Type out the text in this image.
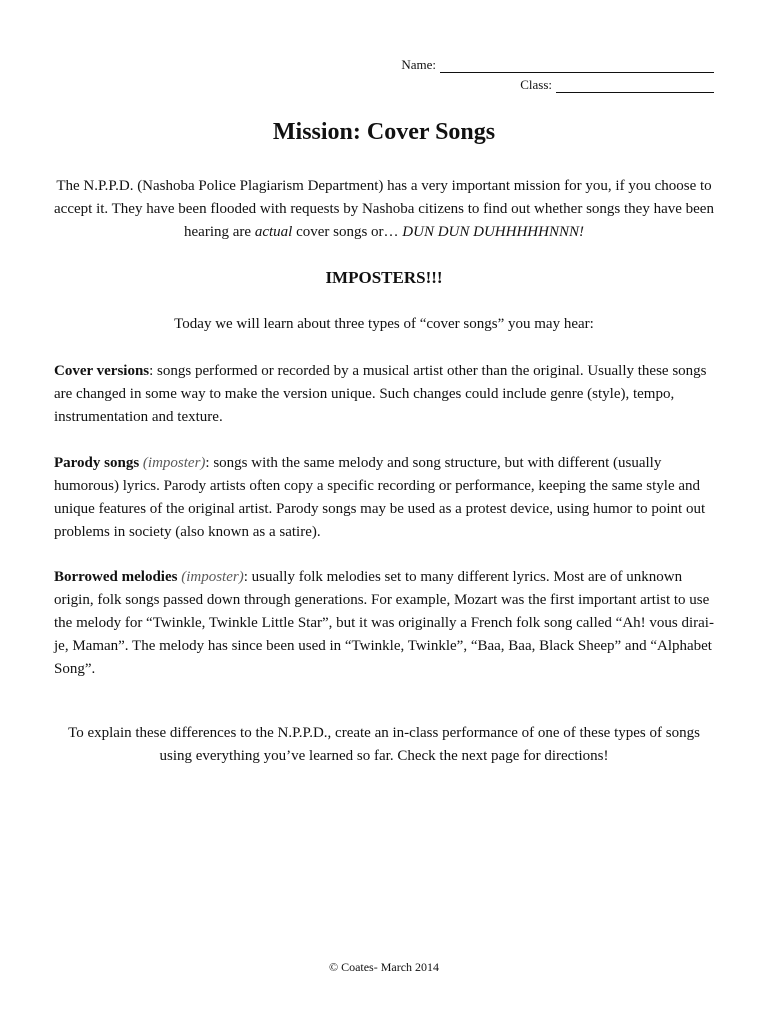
Name:
Class:
Mission: Cover Songs
The N.P.P.D. (Nashoba Police Plagiarism Department) has a very important mission for you, if you choose to accept it. They have been flooded with requests by Nashoba citizens to find out whether songs they have been hearing are actual cover songs or… DUN DUN DUHHHHHNNN!
IMPOSTERS!!!
Today we will learn about three types of “cover songs” you may hear:
Cover versions: songs performed or recorded by a musical artist other than the original. Usually these songs are changed in some way to make the version unique. Such changes could include genre (style), tempo, instrumentation and texture.
Parody songs (imposter): songs with the same melody and song structure, but with different (usually humorous) lyrics. Parody artists often copy a specific recording or performance, keeping the same style and unique features of the original artist. Parody songs may be used as a protest device, using humor to point out problems in society (also known as a satire).
Borrowed melodies (imposter): usually folk melodies set to many different lyrics. Most are of unknown origin, folk songs passed down through generations. For example, Mozart was the first important artist to use the melody for “Twinkle, Twinkle Little Star”, but it was originally a French folk song called “Ah! vous dirai-je, Maman”. The melody has since been used in “Twinkle, Twinkle”, “Baa, Baa, Black Sheep” and “Alphabet Song”.
To explain these differences to the N.P.P.D., create an in-class performance of one of these types of songs using everything you’ve learned so far. Check the next page for directions!
© Coates- March 2014
